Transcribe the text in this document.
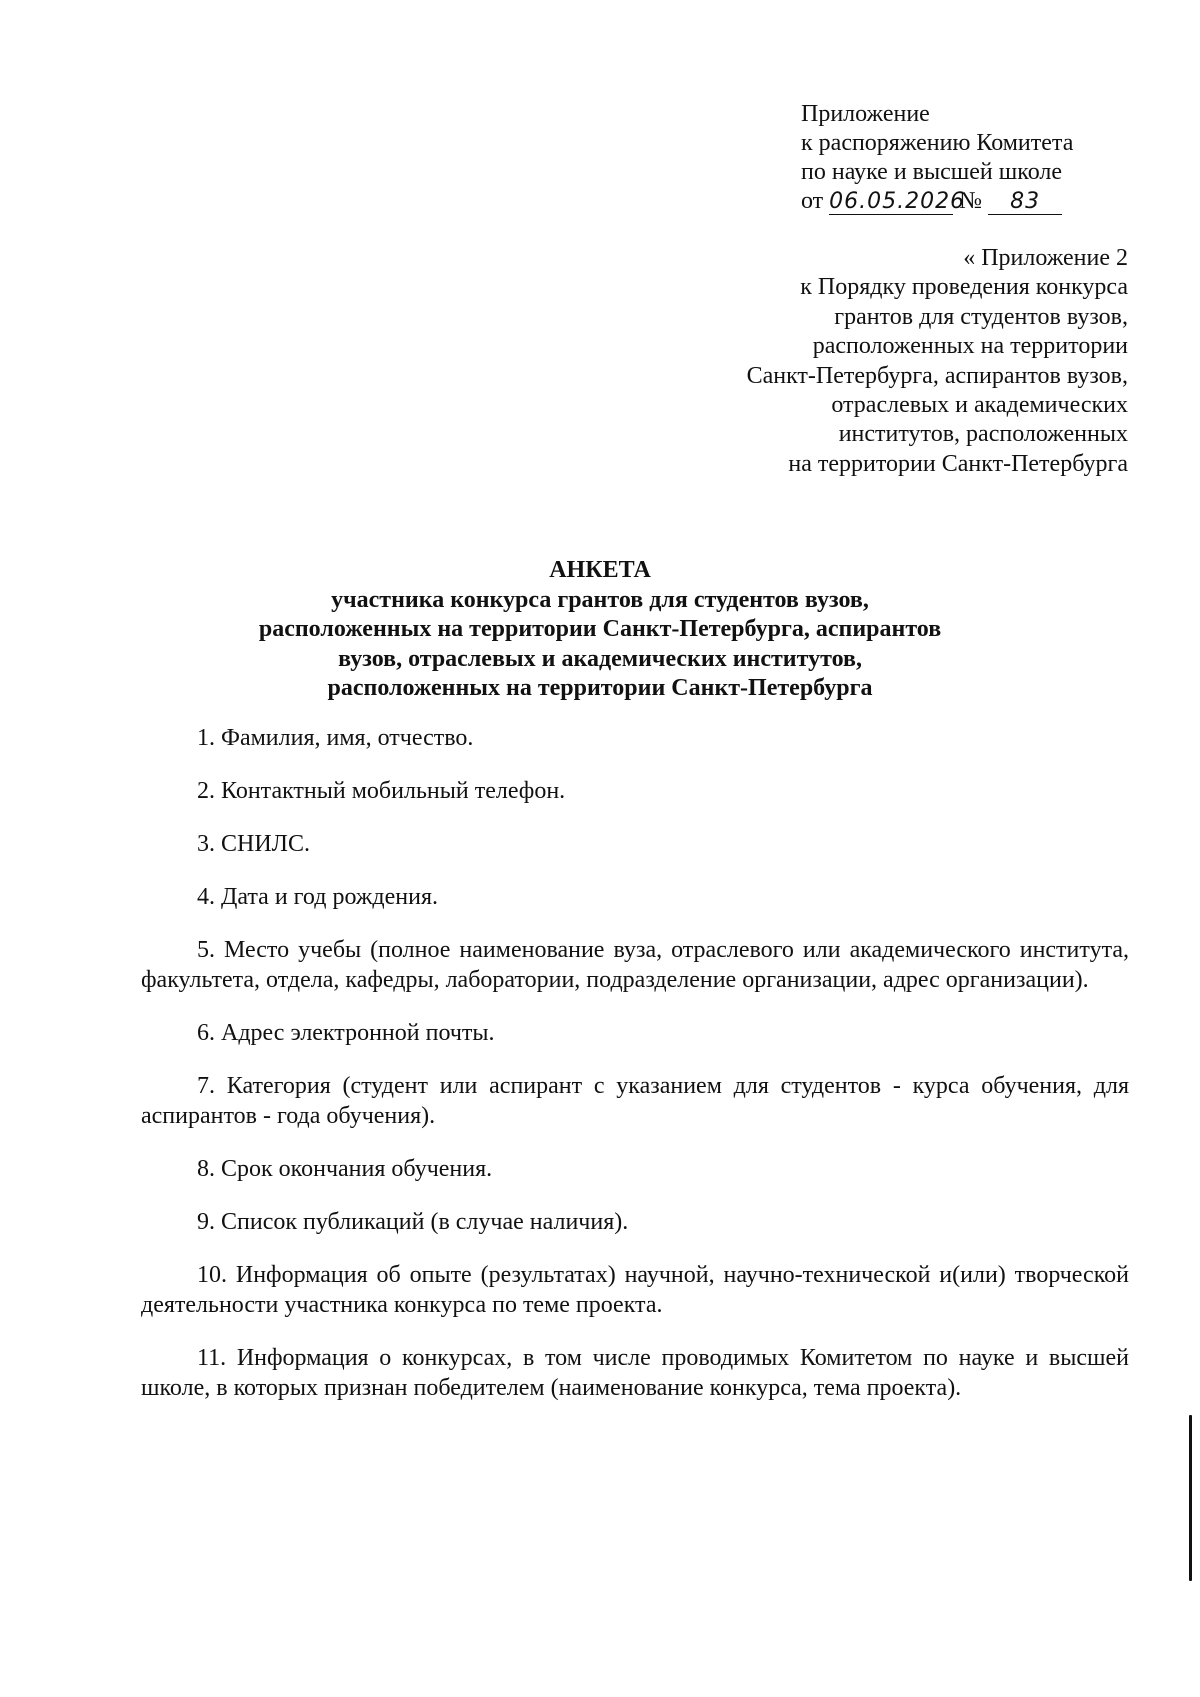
Приложение
к распоряжению Комитета
по науке и высшей школе
от 06.05.2026 № 83
« Приложение 2
к Порядку проведения конкурса
грантов для студентов вузов,
расположенных на территории
Санкт-Петербурга, аспирантов вузов,
отраслевых и академических
институтов, расположенных
на территории Санкт-Петербурга
АНКЕТА
участника конкурса грантов для студентов вузов,
расположенных на территории Санкт-Петербурга, аспирантов
вузов, отраслевых и академических институтов,
расположенных на территории Санкт-Петербурга

1. Фамилия, имя, отчество.

2. Контактный мобильный телефон.

3. СНИЛС.

4. Дата и год рождения.

5. Место учебы (полное наименование вуза, отраслевого или академического института, факультета, отдела, кафедры, лаборатории, подразделение организации, адрес организации).

6. Адрес электронной почты.

7. Категория (студент или аспирант с указанием для студентов - курса обучения, для аспирантов - года обучения).

8. Срок окончания обучения.

9. Список публикаций (в случае наличия).

10. Информация об опыте (результатах) научной, научно-технической и(или) творческой деятельности участника конкурса по теме проекта.

11. Информация о конкурсах, в том числе проводимых Комитетом по науке и высшей школе, в которых признан победителем (наименование конкурса, тема проекта).
